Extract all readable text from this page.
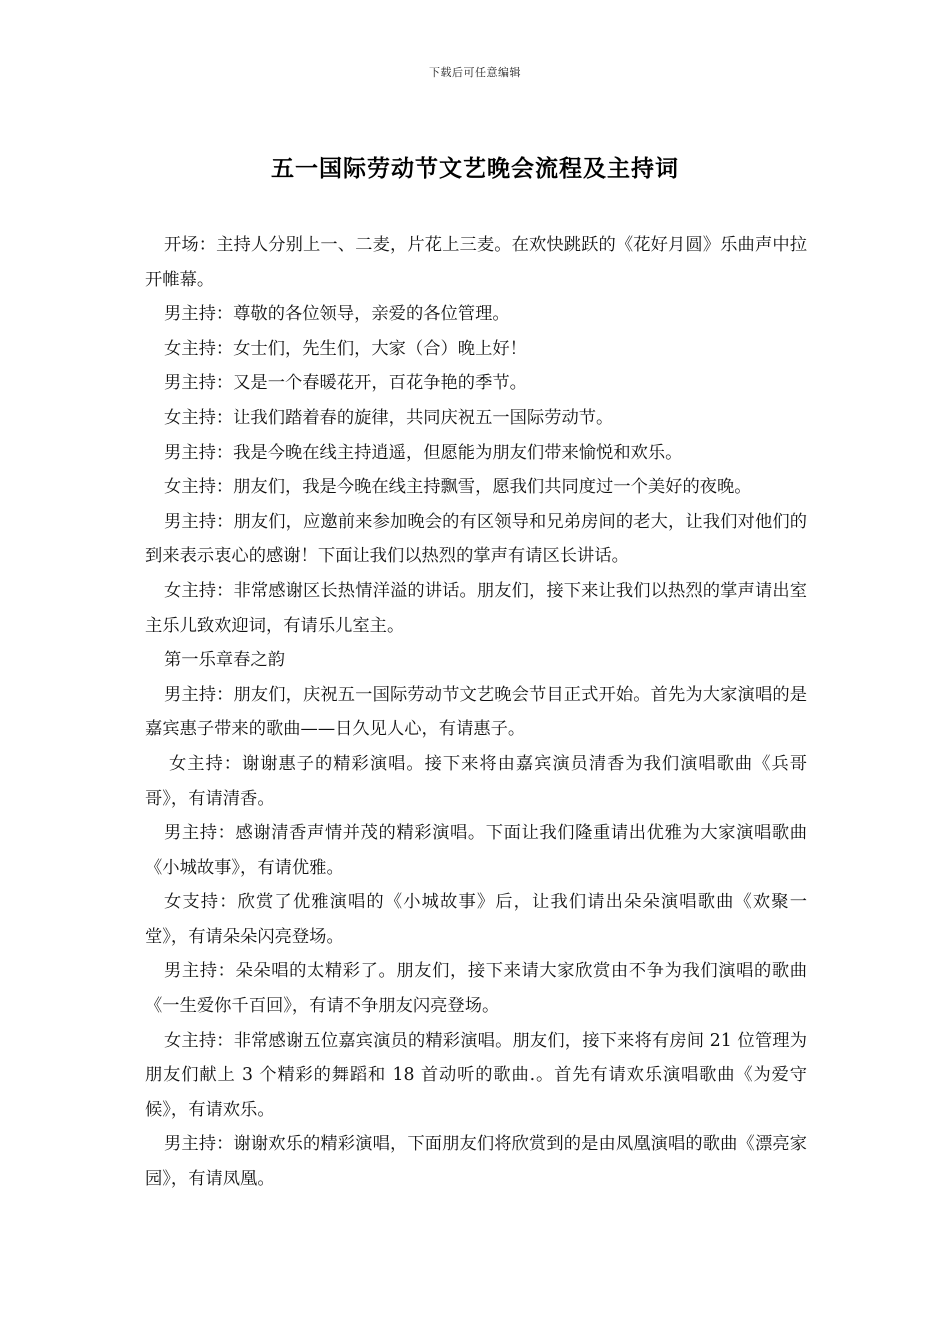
下载后可任意编辑
五一国际劳动节文艺晚会流程及主持词

开场：主持人分别上一、二麦，片花上三麦。在欢快跳跃的《花好月圆》乐曲声中拉开帷幕。

男主持：尊敬的各位领导，亲爱的各位管理。

女主持：女士们，先生们，大家（合）晚上好！

男主持：又是一个春暖花开，百花争艳的季节。

女主持：让我们踏着春的旋律，共同庆祝五一国际劳动节。

男主持：我是今晚在线主持逍遥，但愿能为朋友们带来愉悦和欢乐。

女主持：朋友们，我是今晚在线主持飘雪，愿我们共同度过一个美好的夜晚。

男主持：朋友们，应邀前来参加晚会的有区领导和兄弟房间的老大，让我们对他们的到来表示衷心的感谢！下面让我们以热烈的掌声有请区长讲话。

女主持：非常感谢区长热情洋溢的讲话。朋友们，接下来让我们以热烈的掌声请出室主乐儿致欢迎词，有请乐儿室主。

第一乐章春之韵

男主持：朋友们，庆祝五一国际劳动节文艺晚会节目正式开始。首先为大家演唱的是嘉宾惠子带来的歌曲——日久见人心，有请惠子。

女主持：谢谢惠子的精彩演唱。接下来将由嘉宾演员清香为我们演唱歌曲《兵哥哥》，有请清香。

男主持：感谢清香声情并茂的精彩演唱。下面让我们隆重请出优雅为大家演唱歌曲《小城故事》，有请优雅。

女支持：欣赏了优雅演唱的《小城故事》后，让我们请出朵朵演唱歌曲《欢聚一堂》，有请朵朵闪亮登场。

男主持：朵朵唱的太精彩了。朋友们，接下来请大家欣赏由不争为我们演唱的歌曲《一生爱你千百回》，有请不争朋友闪亮登场。

女主持：非常感谢五位嘉宾演员的精彩演唱。朋友们，接下来将有房间 21 位管理为朋友们献上 3 个精彩的舞蹈和 18 首动听的歌曲.。首先有请欢乐演唱歌曲《为爱守候》，有请欢乐。

男主持：谢谢欢乐的精彩演唱，下面朋友们将欣赏到的是由凤凰演唱的歌曲《漂亮家园》，有请凤凰。
